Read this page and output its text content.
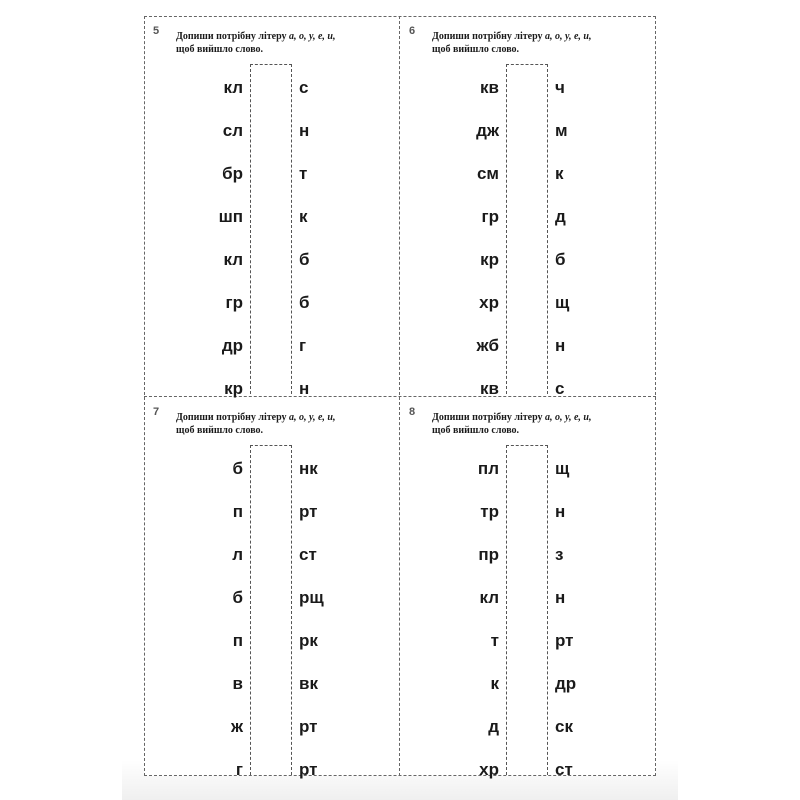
5 Допиши потрібну літеру а, о, у, е, и,
щоб вийшло слово.
кл	с
сл	н
бр	т
шп	к
кл	б
гр	б
др	г
кр	н
6 Допиши потрібну літеру а, о, у, е, и,
щоб вийшло слово.
кв	ч
дж	м
см	к
гр	д
кр	б
хр	щ
жб	н
кв	с
7 Допиши потрібну літеру а, о, у, е, и,
щоб вийшло слово.
б	нк
п	рт
л	ст
б	рщ
п	рк
в	вк
ж	рт
г	рт
8 Допиши потрібну літеру а, о, у, е, и,
щоб вийшло слово.
пл	щ
тр	н
пр	з
кл	н
т	рт
к	др
д	ск
хр	ст
